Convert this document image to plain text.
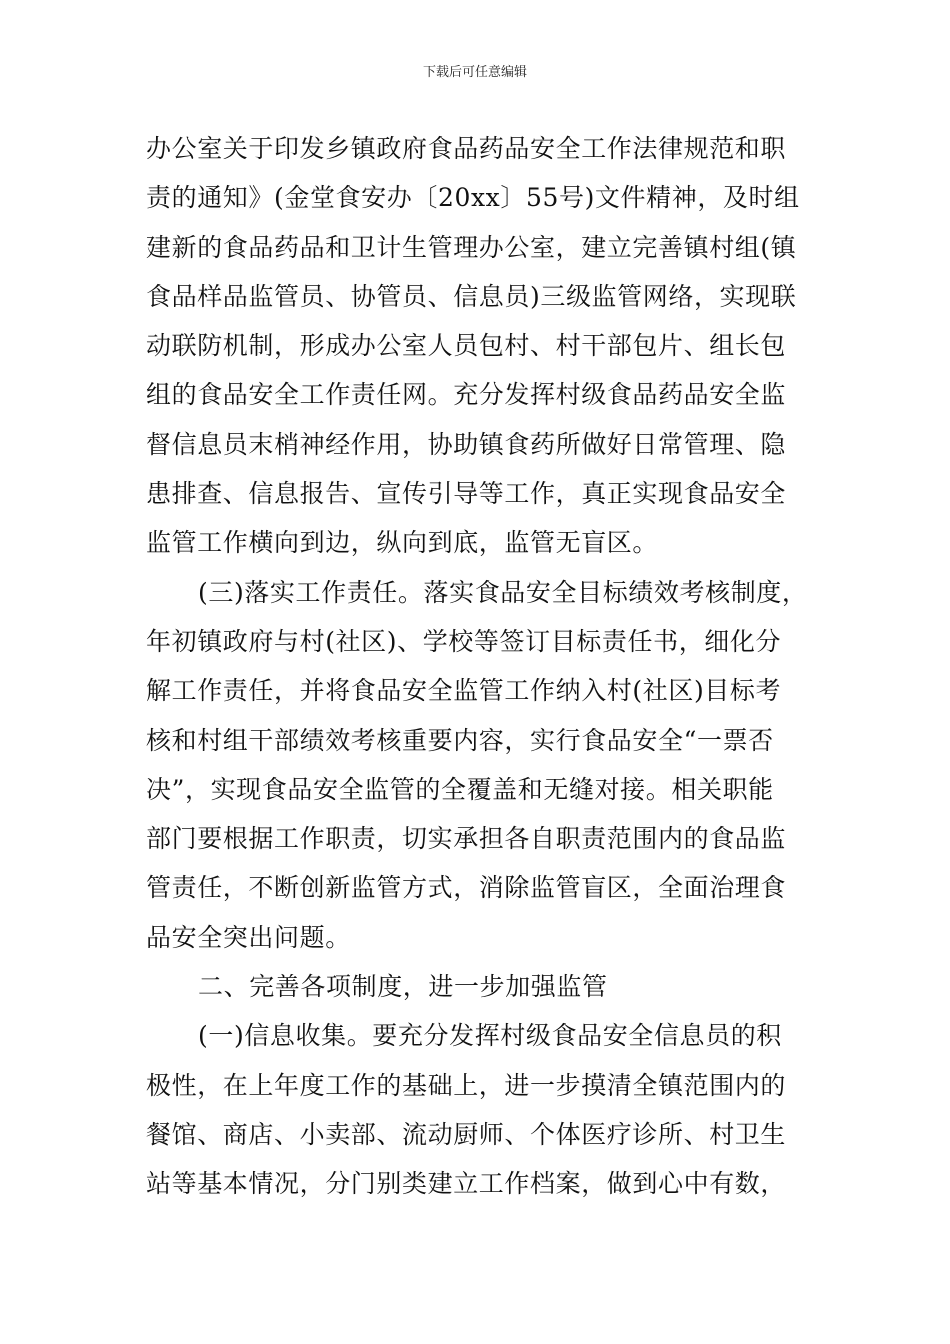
下载后可任意编辑
办公室关于印发乡镇政府食品药品安全工作法律规范和职
责的通知》(金堂食安办〔20xx〕55号)文件精神，及时组
建新的食品药品和卫计生管理办公室，建立完善镇村组(镇
食品样品监管员、协管员、信息员)三级监管网络，实现联
动联防机制，形成办公室人员包村、村干部包片、组长包
组的食品安全工作责任网。充分发挥村级食品药品安全监
督信息员末梢神经作用，协助镇食药所做好日常管理、隐
患排查、信息报告、宣传引导等工作，真正实现食品安全
监管工作横向到边，纵向到底，监管无盲区。
(三)落实工作责任。落实食品安全目标绩效考核制度，
年初镇政府与村(社区)、学校等签订目标责任书，细化分
解工作责任，并将食品安全监管工作纳入村(社区)目标考
核和村组干部绩效考核重要内容，实行食品安全“一票否
决”，实现食品安全监管的全覆盖和无缝对接。相关职能
部门要根据工作职责，切实承担各自职责范围内的食品监
管责任，不断创新监管方式，消除监管盲区，全面治理食
品安全突出问题。
二、完善各项制度，进一步加强监管
(一)信息收集。要充分发挥村级食品安全信息员的积
极性，在上年度工作的基础上，进一步摸清全镇范围内的
餐馆、商店、小卖部、流动厨师、个体医疗诊所、村卫生
站等基本情况，分门别类建立工作档案，做到心中有数，
